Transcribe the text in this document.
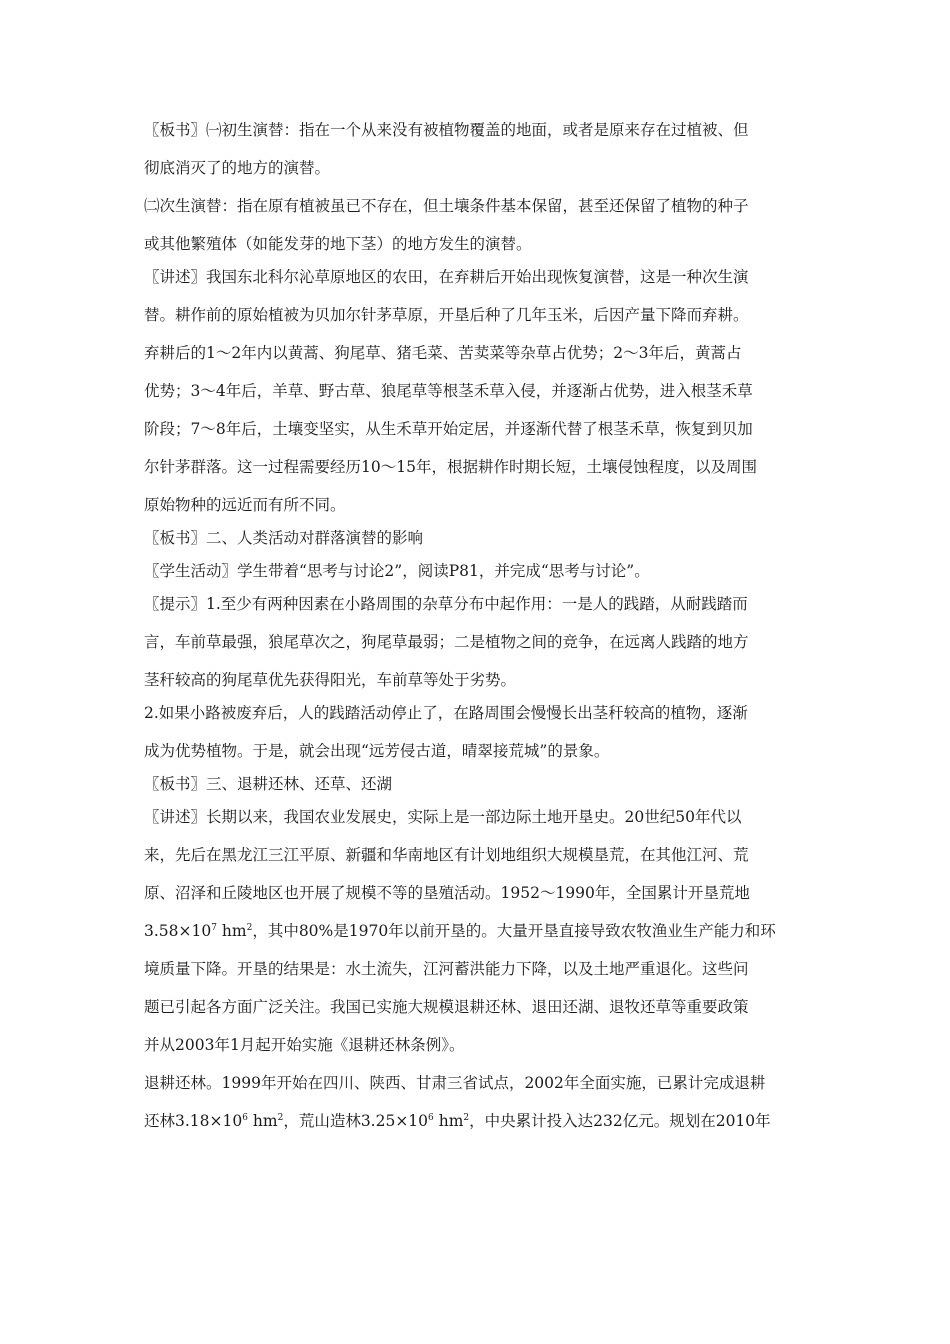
〖板书〗㈠初生演替：指在一个从来没有被植物覆盖的地面，或者是原来存在过植被、但
彻底消灭了的地方的演替。
㈡次生演替：指在原有植被虽已不存在，但土壤条件基本保留，甚至还保留了植物的种子
或其他繁殖体（如能发芽的地下茎）的地方发生的演替。
〖讲述〗我国东北科尔沁草原地区的农田，在弃耕后开始出现恢复演替，这是一种次生演
替。耕作前的原始植被为贝加尔针茅草原，开垦后种了几年玉米，后因产量下降而弃耕。
弃耕后的1～2年内以黄蒿、狗尾草、猪毛菜、苦荬菜等杂草占优势；2～3年后，黄蒿占
优势；3～4年后，羊草、野古草、狼尾草等根茎禾草入侵，并逐渐占优势，进入根茎禾草
阶段；7～8年后，土壤变坚实，从生禾草开始定居，并逐渐代替了根茎禾草，恢复到贝加
尔针茅群落。这一过程需要经历10～15年，根据耕作时期长短，土壤侵蚀程度，以及周围
原始物种的远近而有所不同。
〖板书〗二、人类活动对群落演替的影响
〖学生活动〗学生带着“思考与讨论2”，阅读P81，并完成“思考与讨论”。
〖提示〗1.至少有两种因素在小路周围的杂草分布中起作用：一是人的践踏，从耐践踏而
言，车前草最强，狼尾草次之，狗尾草最弱；二是植物之间的竞争，在远离人践踏的地方
茎秆较高的狗尾草优先获得阳光，车前草等处于劣势。
2.如果小路被废弃后，人的践踏活动停止了，在路周围会慢慢长出茎秆较高的植物，逐渐
成为优势植物。于是，就会出现“远芳侵古道，晴翠接荒城”的景象。
〖板书〗三、退耕还林、还草、还湖
〖讲述〗长期以来，我国农业发展史，实际上是一部边际土地开垦史。20世纪50年代以
来，先后在黑龙江三江平原、新疆和华南地区有计划地组织大规模垦荒，在其他江河、荒
原、沼泽和丘陵地区也开展了规模不等的垦殖活动。1952～1990年，全国累计开垦荒地
$3.58\times 10^7$ $hm^2$，其中80%是1970年以前开垦的。大量开垦直接导致农牧渔业生产能力和环
境质量下降。开垦的结果是：水土流失，江河蓄洪能力下降，以及土地严重退化。这些问
题已引起各方面广泛关注。我国已实施大规模退耕还林、退田还湖、退牧还草等重要政策
并从2003年1月起开始实施《退耕还林条例》。
退耕还林。1999年开始在四川、陕西、甘肃三省试点，2002年全面实施，已累计完成退耕
还林$3.18\times 10^6$ $hm^2$，荒山造林$3.25\times 10^6$ $hm^2$，中央累计投入达232亿元。规划在2010年
